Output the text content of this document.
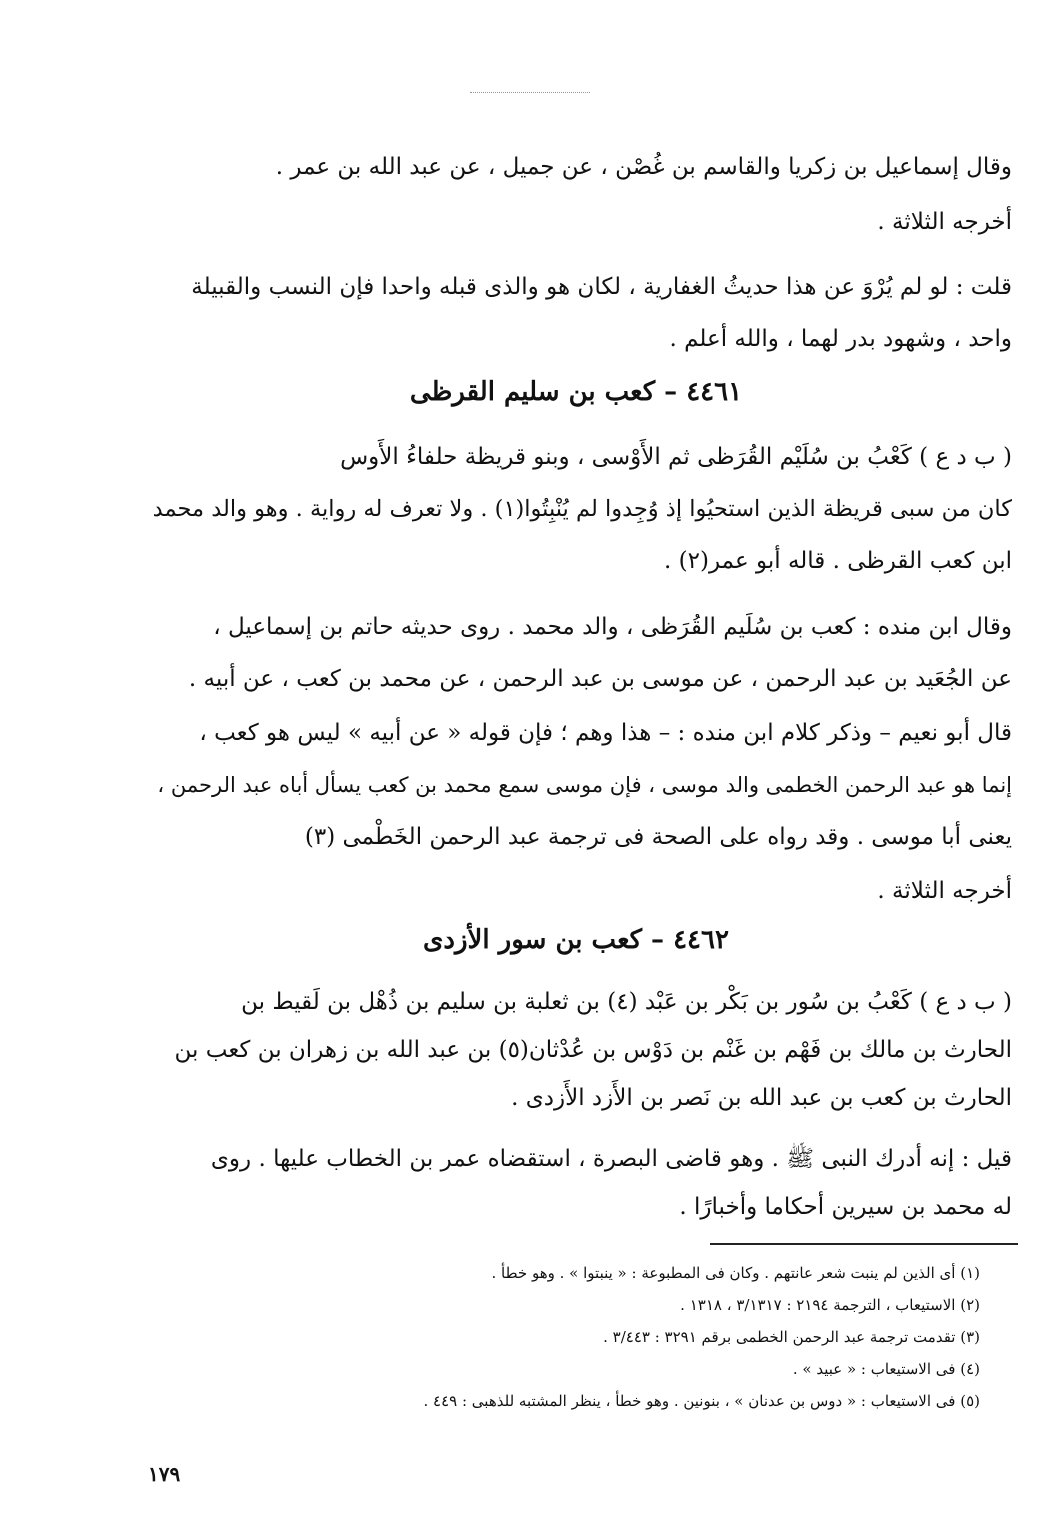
وقال إسماعيل بن زكريا والقاسم بن غُصْن ، عن جميل ، عن عبد الله بن عمر .
أخرجه الثلاثة .
قلت : لو لم يُرْوَ عن هذا حديثُ الغفارية ، لكان هو والذى قبله واحدا فإن النسب والقبيلة
واحد ، وشهود بدر لهما ، والله أعلم .
٤٤٦١ – كعب بن سليم القرظى
( ب د ع ) كَعْبُ بن سُلَيْم القُرَظى ثم الأَوْسى ، وبنو قريظة حلفاءُ الأَوس
كان من سبى قريظة الذين استحيُوا إذ وُجِدوا لم يُنْبِتُوا(١) . ولا تعرف له رواية . وهو والد محمد
ابن كعب القرظى . قاله أبو عمر(٢) .
وقال ابن منده : كعب بن سُلَيم القُرَظى ، والد محمد . روى حديثه حاتم بن إسماعيل ،
عن الجُعَيد بن عبد الرحمن ، عن موسى بن عبد الرحمن ، عن محمد بن كعب ، عن أبيه .
قال أبو نعيم – وذكر كلام ابن منده : – هذا وهم ؛ فإن قوله « عن أبيه » ليس هو كعب ،
إنما هو عبد الرحمن الخطمى والد موسى ، فإن موسى سمع محمد بن كعب يسأل أباه عبد الرحمن ،
يعنى أبا موسى . وقد رواه على الصحة فى ترجمة عبد الرحمن الخَطْمى (٣)
أخرجه الثلاثة .
٤٤٦٢ – كعب بن سور الأزدى
( ب د ع ) كَعْبُ بن سُور بن بَكْر بن عَبْد (٤) بن ثعلبة بن سليم بن ذُهْل بن لَقيط بن
الحارث بن مالك بن فَهْم بن غَنْم بن دَوْس بن عُدْثان(٥) بن عبد الله بن زهران بن كعب بن
الحارث بن كعب بن عبد الله بن نَصر بن الأَزد الأَزدى .
قيل : إنه أدرك النبى ﷺ . وهو قاضى البصرة ، استقضاه عمر بن الخطاب عليها . روى
له محمد بن سيرين أحكاما وأخبارًا .
(١) أى الذين لم ينبت شعر عانتهم . وكان فى المطبوعة : « ينبتوا » . وهو خطأ .
(٢) الاستيعاب ، الترجمة ٢١٩٤ : ٣/١٣١٧ ، ١٣١٨ .
(٣) تقدمت ترجمة عبد الرحمن الخطمى برقم ٣٢٩١ : ٣/٤٤٣ .
(٤) فى الاستيعاب : « عبيد » .
(٥) فى الاستيعاب : « دوس بن عدنان » ، بنونين . وهو خطأ ، ينظر المشتبه للذهبى : ٤٤٩ .
١٧٩
